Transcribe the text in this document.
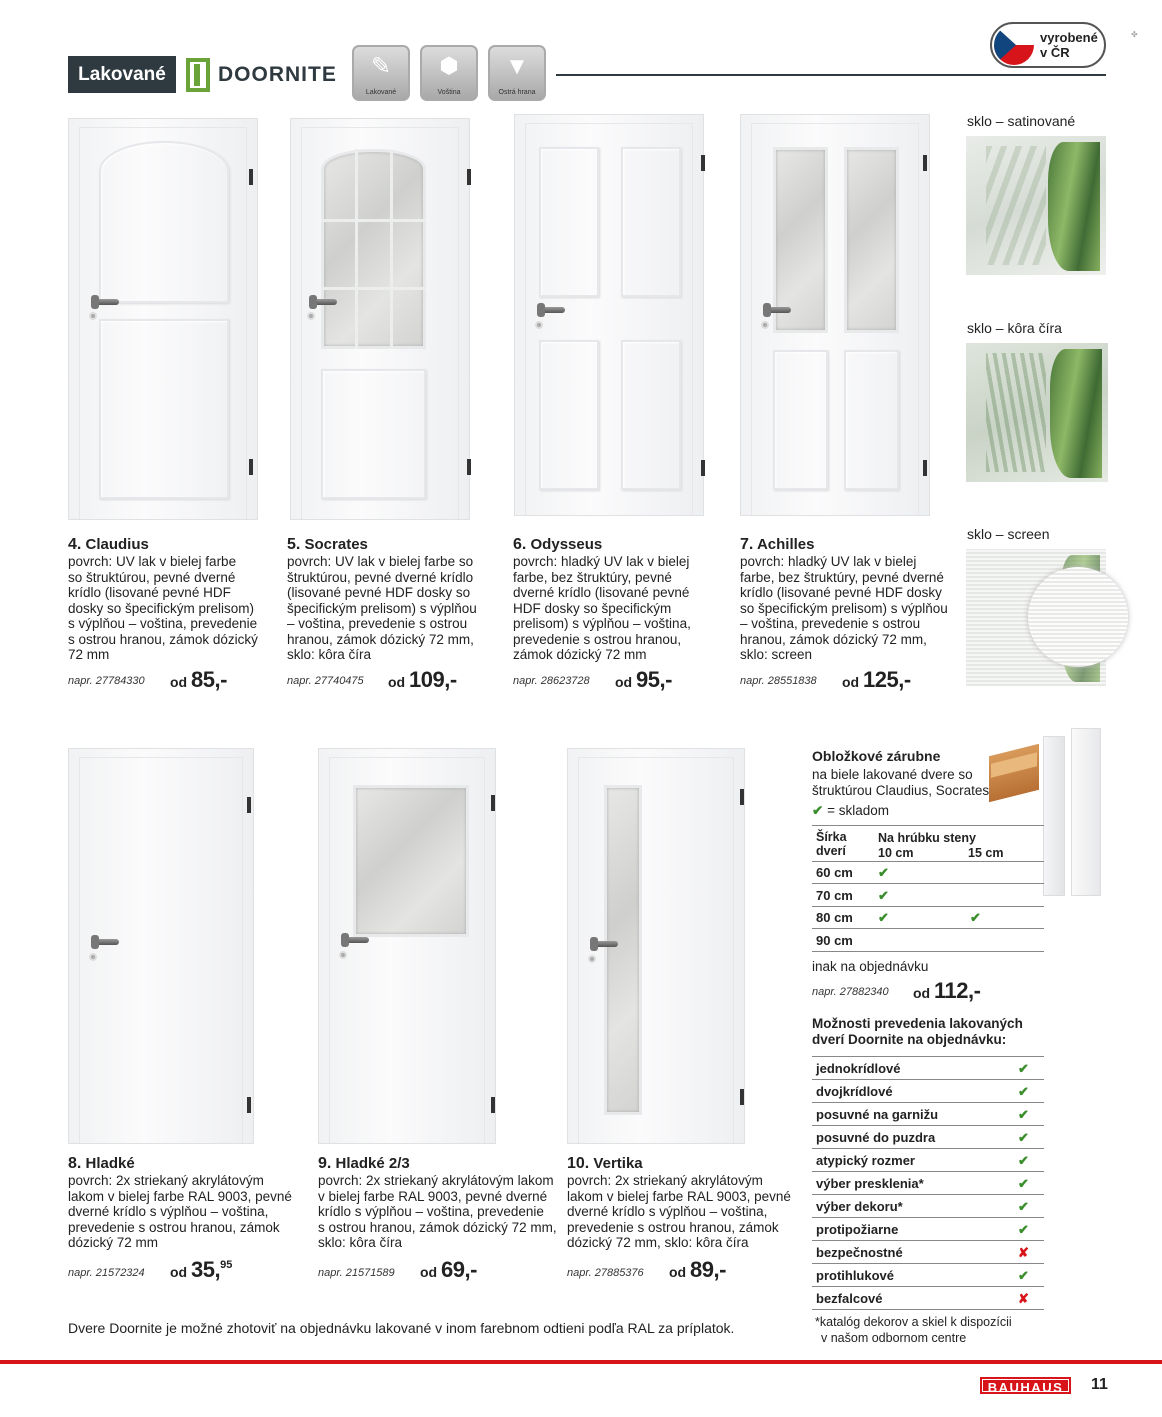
Lakované	DOORNITE ✎
Lakované
⬢
Voština
▼
Ostrá hrana
vyrobené
v ČR
✤
4. Claudius
povrch: UV lak v bielej farbe
so štruktúrou, pevné dverné
krídlo (lisované pevné HDF
dosky so špecifickým prelisom)
s výplňou – voština, prevedenie
s ostrou hranou, zámok dózický
72 mm
napr. 27784330 od 85,-
5. Socrates
povrch: UV lak v bielej farbe so
štruktúrou, pevné dverné krídlo
(lisované pevné HDF dosky so
špecifickým prelisom) s výplňou
– voština, prevedenie s ostrou
hranou, zámok dózický 72 mm,
sklo: kôra číra
napr. 27740475 od 109,-
6. Odysseus
povrch: hladký UV lak v bielej
farbe, bez štruktúry, pevné
dverné krídlo (lisované pevné
HDF dosky so špecifickým
prelisom) s výplňou – voština,
prevedenie s ostrou hranou,
zámok dózický 72 mm
napr. 28623728 od 95,-
7. Achilles
povrch: hladký UV lak v bielej
farbe, bez štruktúry, pevné dverné
krídlo (lisované pevné HDF dosky
so špecifickým prelisom) s výplňou
– voština, prevedenie s ostrou
hranou, zámok dózický 72 mm,
sklo: screen
napr. 28551838 od 125,-
8. Hladké
povrch: 2x striekaný akrylátovým
lakom v bielej farbe RAL 9003, pevné
dverné krídlo s výplňou – voština,
prevedenie s ostrou hranou, zámok
dózický 72 mm
napr. 21572324 od 35,95
9. Hladké 2/3
povrch: 2x striekaný akrylátovým lakom
v bielej farbe RAL 9003, pevné dverné
krídlo s výplňou – voština, prevedenie
s ostrou hranou, zámok dózický 72 mm,
sklo: kôra číra
napr. 21571589 od 69,-
10. Vertika
povrch: 2x striekaný akrylátovým
lakom v bielej farbe RAL 9003, pevné
dverné krídlo s výplňou – voština,
prevedenie s ostrou hranou, zámok
dózický 72 mm, sklo: kôra číra
napr. 27885376 od 89,-
sklo – satinované
sklo – kôra číra
sklo – screen
Obložkové zárubne
na biele lakované dvere so
štruktúrou Claudius, Socrates
✔ = skladom
Šírka
dverí
Na hrúbku steny
10 cm	15 cm
60 cm ✔
70 cm ✔
80 cm ✔	✔
90 cm
inak na objednávku
napr. 27882340 od 112,-
Možnosti prevedenia lakovaných
dverí Doornite na objednávku:
jednokrídlové	✔
dvojkrídlové	✔
posuvné na garnižu	✔
posuvné do puzdra	✔
atypický rozmer	✔
výber presklenia*	✔
výber dekoru*	✔
protipožiarne	✔
bezpečnostné	✘
protihlukové	✔
bezfalcové	✘
*katalóg dekorov a skiel k dispozícii
v našom odbornom centre
Dvere Doornite je možné zhotoviť na objednávku lakované v inom farebnom odtieni podľa RAL za príplatok.
BAUHAUS	11
